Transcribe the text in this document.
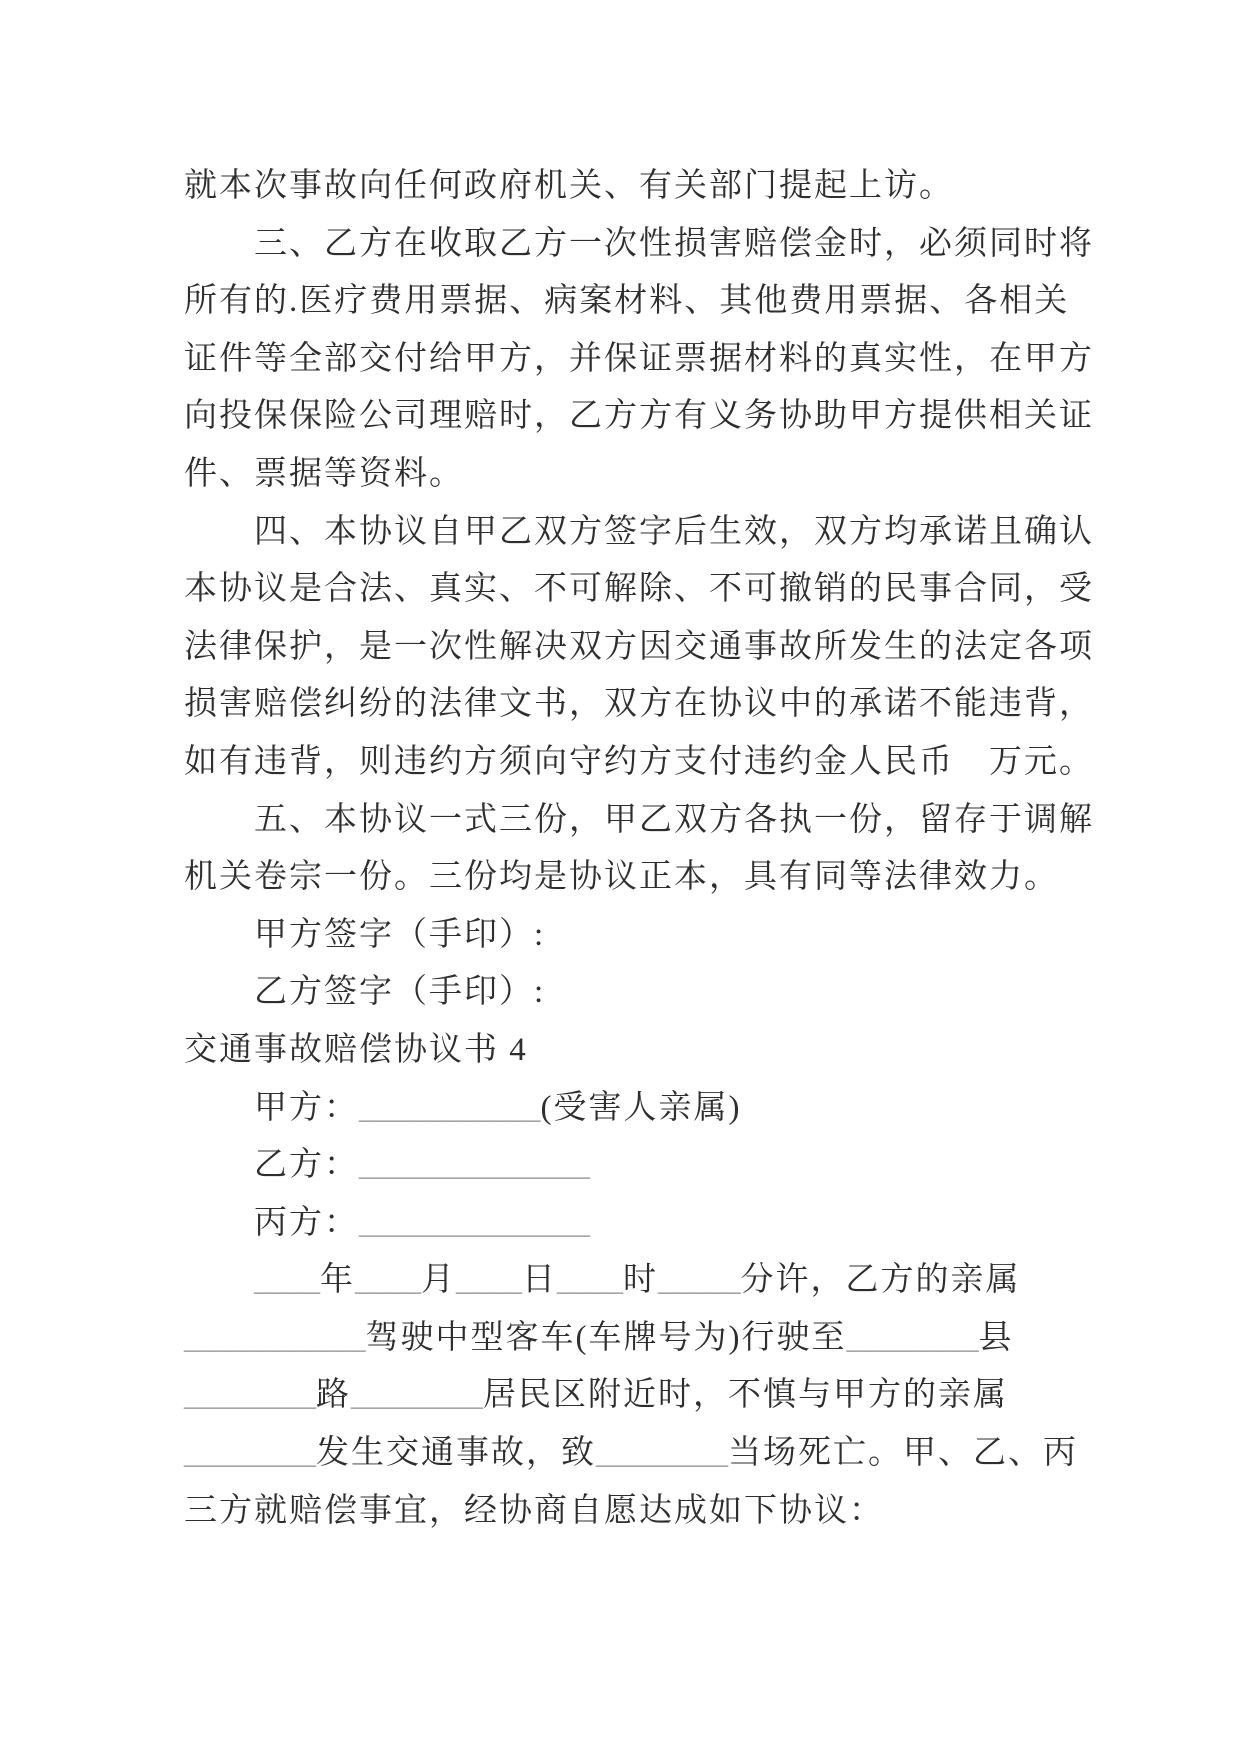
就本次事故向任何政府机关、有关部门提起上访。
三、乙方在收取乙方一次性损害赔偿金时，必须同时将
所有的.医疗费用票据、病案材料、其他费用票据、各相关
证件等全部交付给甲方，并保证票据材料的真实性，在甲方
向投保保险公司理赔时，乙方方有义务协助甲方提供相关证
件、票据等资料。
四、本协议自甲乙双方签字后生效，双方均承诺且确认
本协议是合法、真实、不可解除、不可撤销的民事合同，受
法律保护，是一次性解决双方因交通事故所发生的法定各项
损害赔偿纠纷的法律文书，双方在协议中的承诺不能违背，
如有违背，则违约方须向守约方支付违约金人民币　万元。
五、本协议一式三份，甲乙双方各执一份，留存于调解
机关卷宗一份。三份均是协议正本，具有同等法律效力。
甲方签字（手印）:
乙方签字（手印）:
交通事故赔偿协议书 4
甲方：___________(受害人亲属)
乙方：______________
丙方：______________
____年____月____日____时_____分许，乙方的亲属
___________驾驶中型客车(车牌号为)行驶至________县
________路________居民区附近时，不慎与甲方的亲属
________发生交通事故，致________当场死亡。甲、乙、丙
三方就赔偿事宜，经协商自愿达成如下协议：
